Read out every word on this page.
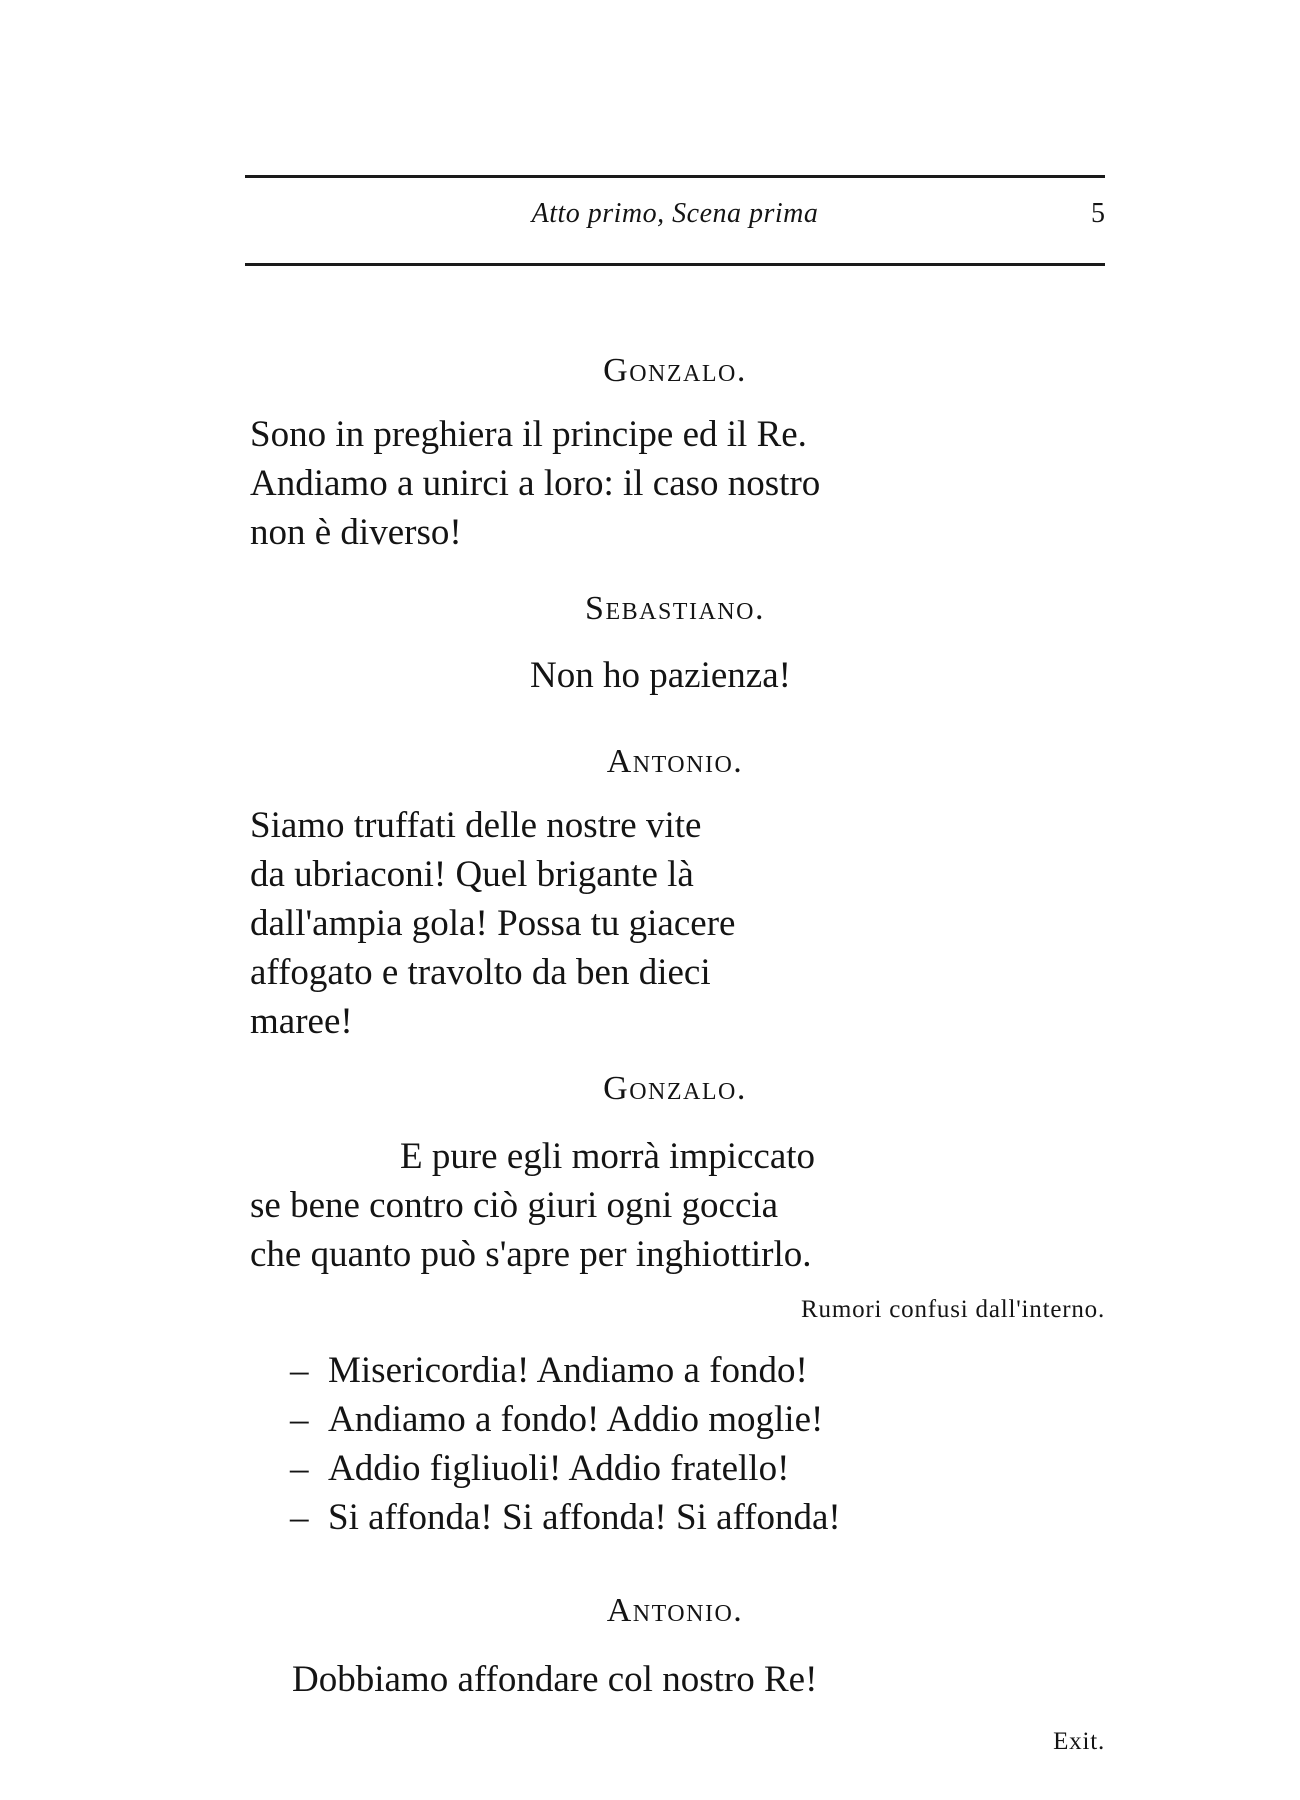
Atto primo, Scena prima	5
Gonzalo.
Sono in preghiera il principe ed il Re.
Andiamo a unirci a loro: il caso nostro
non è diverso!
Sebastiano.
Non ho pazienza!
Antonio.
Siamo truffati delle nostre vite
da ubriaconi! Quel brigante là
dall'ampia gola! Possa tu giacere
affogato e travolto da ben dieci
maree!
Gonzalo.
E pure egli morrà impiccato
se bene contro ciò giuri ogni goccia
che quanto può s'apre per inghiottirlo.
Rumori confusi dall'interno.
– Misericordia! Andiamo a fondo!
– Andiamo a fondo! Addio moglie!
– Addio figliuoli! Addio fratello!
– Si affonda! Si affonda! Si affonda!
Antonio.
Dobbiamo affondare col nostro Re!
Exit.
